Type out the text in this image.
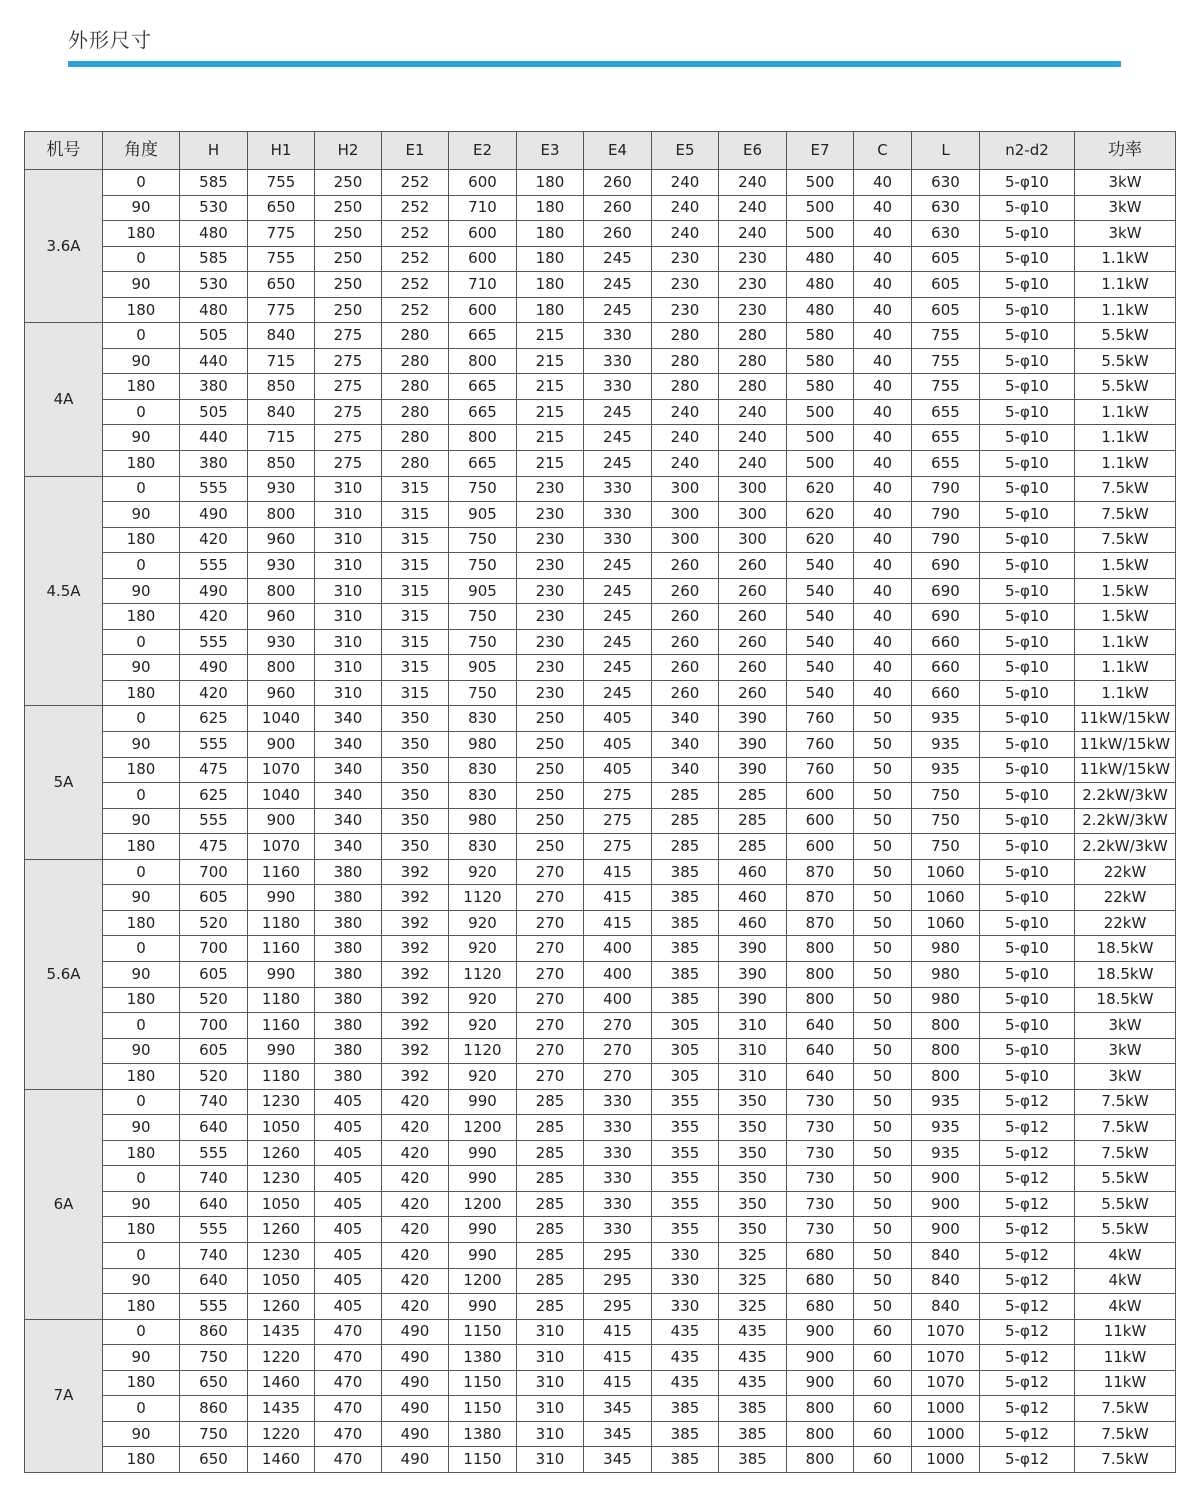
外形尺寸
机号	角度	H	H1	H2	E1	E2	E3	E4	E5	E6	E7	C	L	n2-d2	功率
3.6A	0	585	755	250	252	600	180	260	240	240	500	40	630	5-φ10	3kW
	90	530	650	250	252	710	180	260	240	240	500	40	630	5-φ10	3kW
	180	480	775	250	252	600	180	260	240	240	500	40	630	5-φ10	3kW
	0	585	755	250	252	600	180	245	230	230	480	40	605	5-φ10	1.1kW
	90	530	650	250	252	710	180	245	230	230	480	40	605	5-φ10	1.1kW
	180	480	775	250	252	600	180	245	230	230	480	40	605	5-φ10	1.1kW
4A	0	505	840	275	280	665	215	330	280	280	580	40	755	5-φ10	5.5kW
	90	440	715	275	280	800	215	330	280	280	580	40	755	5-φ10	5.5kW
	180	380	850	275	280	665	215	330	280	280	580	40	755	5-φ10	5.5kW
	0	505	840	275	280	665	215	245	240	240	500	40	655	5-φ10	1.1kW
	90	440	715	275	280	800	215	245	240	240	500	40	655	5-φ10	1.1kW
	180	380	850	275	280	665	215	245	240	240	500	40	655	5-φ10	1.1kW
4.5A	0	555	930	310	315	750	230	330	300	300	620	40	790	5-φ10	7.5kW
	90	490	800	310	315	905	230	330	300	300	620	40	790	5-φ10	7.5kW
	180	420	960	310	315	750	230	330	300	300	620	40	790	5-φ10	7.5kW
	0	555	930	310	315	750	230	245	260	260	540	40	690	5-φ10	1.5kW
	90	490	800	310	315	905	230	245	260	260	540	40	690	5-φ10	1.5kW
	180	420	960	310	315	750	230	245	260	260	540	40	690	5-φ10	1.5kW
	0	555	930	310	315	750	230	245	260	260	540	40	660	5-φ10	1.1kW
	90	490	800	310	315	905	230	245	260	260	540	40	660	5-φ10	1.1kW
	180	420	960	310	315	750	230	245	260	260	540	40	660	5-φ10	1.1kW
5A	0	625	1040	340	350	830	250	405	340	390	760	50	935	5-φ10	11kW/15kW
	90	555	900	340	350	980	250	405	340	390	760	50	935	5-φ10	11kW/15kW
	180	475	1070	340	350	830	250	405	340	390	760	50	935	5-φ10	11kW/15kW
	0	625	1040	340	350	830	250	275	285	285	600	50	750	5-φ10	2.2kW/3kW
	90	555	900	340	350	980	250	275	285	285	600	50	750	5-φ10	2.2kW/3kW
	180	475	1070	340	350	830	250	275	285	285	600	50	750	5-φ10	2.2kW/3kW
5.6A	0	700	1160	380	392	920	270	415	385	460	870	50	1060	5-φ10	22kW
	90	605	990	380	392	1120	270	415	385	460	870	50	1060	5-φ10	22kW
	180	520	1180	380	392	920	270	415	385	460	870	50	1060	5-φ10	22kW
	0	700	1160	380	392	920	270	400	385	390	800	50	980	5-φ10	18.5kW
	90	605	990	380	392	1120	270	400	385	390	800	50	980	5-φ10	18.5kW
	180	520	1180	380	392	920	270	400	385	390	800	50	980	5-φ10	18.5kW
	0	700	1160	380	392	920	270	270	305	310	640	50	800	5-φ10	3kW
	90	605	990	380	392	1120	270	270	305	310	640	50	800	5-φ10	3kW
	180	520	1180	380	392	920	270	270	305	310	640	50	800	5-φ10	3kW
6A	0	740	1230	405	420	990	285	330	355	350	730	50	935	5-φ12	7.5kW
	90	640	1050	405	420	1200	285	330	355	350	730	50	935	5-φ12	7.5kW
	180	555	1260	405	420	990	285	330	355	350	730	50	935	5-φ12	7.5kW
	0	740	1230	405	420	990	285	330	355	350	730	50	900	5-φ12	5.5kW
	90	640	1050	405	420	1200	285	330	355	350	730	50	900	5-φ12	5.5kW
	180	555	1260	405	420	990	285	330	355	350	730	50	900	5-φ12	5.5kW
	0	740	1230	405	420	990	285	295	330	325	680	50	840	5-φ12	4kW
	90	640	1050	405	420	1200	285	295	330	325	680	50	840	5-φ12	4kW
	180	555	1260	405	420	990	285	295	330	325	680	50	840	5-φ12	4kW
7A	0	860	1435	470	490	1150	310	415	435	435	900	60	1070	5-φ12	11kW
	90	750	1220	470	490	1380	310	415	435	435	900	60	1070	5-φ12	11kW
	180	650	1460	470	490	1150	310	415	435	435	900	60	1070	5-φ12	11kW
	0	860	1435	470	490	1150	310	345	385	385	800	60	1000	5-φ12	7.5kW
	90	750	1220	470	490	1380	310	345	385	385	800	60	1000	5-φ12	7.5kW
	180	650	1460	470	490	1150	310	345	385	385	800	60	1000	5-φ12	7.5kW
